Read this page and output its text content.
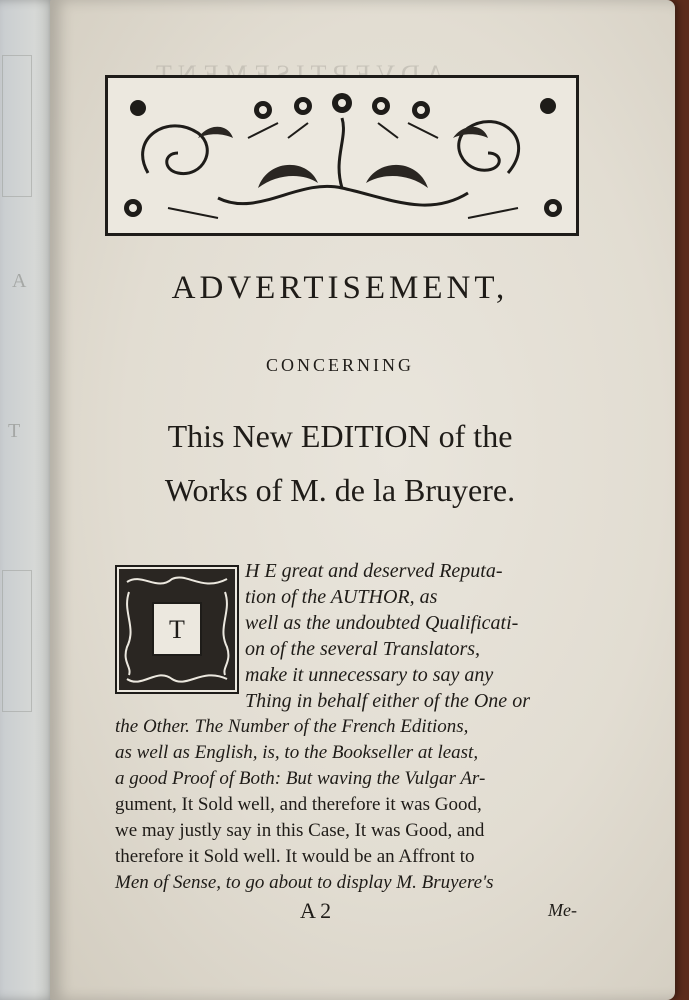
A
T
ADVERTISEMENT,
CONCERNING
This New EDITION of the
Works of M. de la Bruyere.
T
H E great and deserved Reputa-
tion of the AUTHOR, as
well as the undoubted Qualificati-
on of the several Translators,
make it unnecessary to say any
Thing in behalf either of the One or
the Other. The Number of the French Editions,
as well as English, is, to the Bookseller at least,
a good Proof of Both: But waving the Vulgar Ar-
gument, It Sold well, and therefore it was Good,
we may justly say in this Case, It was Good, and
therefore it Sold well. It would be an Affront to
Men of Sense, to go about to display M. Bruyere's
A 2	Me-
